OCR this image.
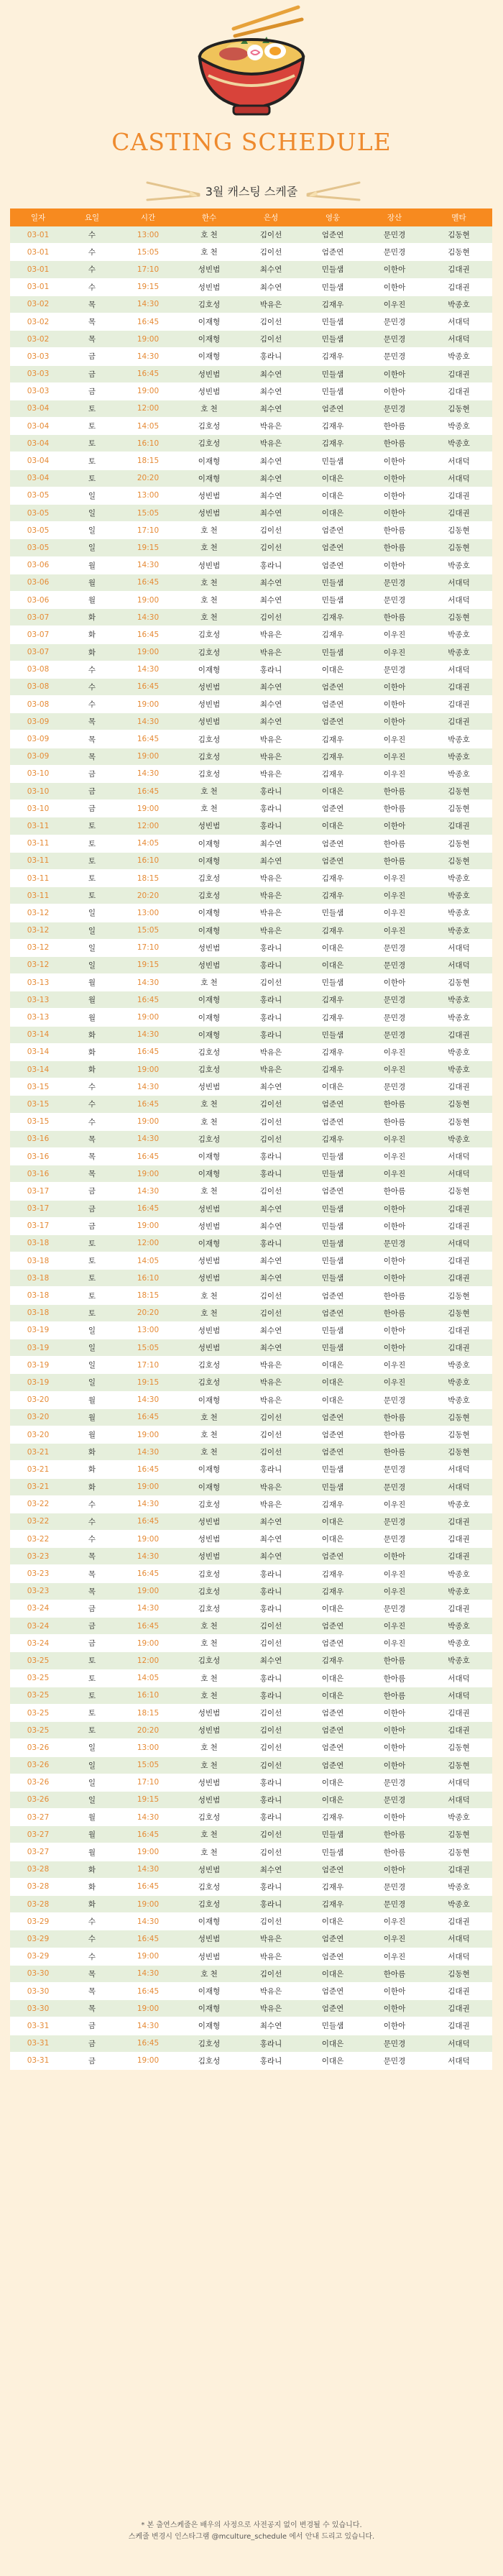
CASTING SCHEDULE
3월 캐스팅 스케줄
일자	요일	시간	한수	은성	영웅	장산	멜타
03-01	수	13:00	호 천	김이선	엄준연	문민경	김동현
03-01	수	15:05	호 천	김이선	엄준연	문민경	김동현
03-01	수	17:10	성빈범	최수연	민들샘	이한아	김대권
03-01	수	19:15	성빈범	최수연	민들샘	이한아	김대권
03-02	목	14:30	김호성	박유은	김재우	이우진	박종호
03-02	목	16:45	이재형	김이선	민들샘	문민경	서대덕
03-02	목	19:00	이재형	김이선	민들샘	문민경	서대덕
03-03	금	14:30	이재형	홍라니	김재우	문민경	박종호
03-03	금	16:45	성빈범	최수연	민들샘	이한아	김대권
03-03	금	19:00	성빈범	최수연	민들샘	이한아	김대권
03-04	토	12:00	호 천	최수연	엄준연	문민경	김동현
03-04	토	14:05	김호성	박유은	김재우	한아름	박종호
03-04	토	16:10	김호성	박유은	김재우	한아름	박종호
03-04	토	18:15	이재형	최수연	민들샘	이한아	서대덕
03-04	토	20:20	이재형	최수연	이대은	이한아	서대덕
03-05	일	13:00	성빈범	최수연	이대은	이한아	김대권
03-05	일	15:05	성빈범	최수연	이대은	이한아	김대권
03-05	일	17:10	호 천	김이선	엄준연	한아름	김동현
03-05	일	19:15	호 천	김이선	엄준연	한아름	김동현
03-06	월	14:30	성빈범	홍라니	엄준연	이한아	박종호
03-06	월	16:45	호 천	최수연	민들샘	문민경	서대덕
03-06	월	19:00	호 천	최수연	민들샘	문민경	서대덕
03-07	화	14:30	호 천	김이선	김재우	한아름	김동현
03-07	화	16:45	김호성	박유은	김재우	이우진	박종호
03-07	화	19:00	김호성	박유은	민들샘	이우진	박종호
03-08	수	14:30	이재형	홍라니	이대은	문민경	서대덕
03-08	수	16:45	성빈범	최수연	엄준연	이한아	김대권
03-08	수	19:00	성빈범	최수연	엄준연	이한아	김대권
03-09	목	14:30	성빈범	최수연	엄준연	이한아	김대권
03-09	목	16:45	김호성	박유은	김재우	이우진	박종호
03-09	목	19:00	김호성	박유은	김재우	이우진	박종호
03-10	금	14:30	김호성	박유은	김재우	이우진	박종호
03-10	금	16:45	호 천	홍라니	이대은	한아름	김동현
03-10	금	19:00	호 천	홍라니	엄준연	한아름	김동현
03-11	토	12:00	성빈범	홍라니	이대은	이한아	김대권
03-11	토	14:05	이재형	최수연	엄준연	한아름	김동현
03-11	토	16:10	이재형	최수연	엄준연	한아름	김동현
03-11	토	18:15	김호성	박유은	김재우	이우진	박종호
03-11	토	20:20	김호성	박유은	김재우	이우진	박종호
03-12	일	13:00	이재형	박유은	민들샘	이우진	박종호
03-12	일	15:05	이재형	박유은	김재우	이우진	박종호
03-12	일	17:10	성빈범	홍라니	이대은	문민경	서대덕
03-12	일	19:15	성빈범	홍라니	이대은	문민경	서대덕
03-13	월	14:30	호 천	김이선	민들샘	이한아	김동현
03-13	월	16:45	이재형	홍라니	김재우	문민경	박종호
03-13	월	19:00	이재형	홍라니	김재우	문민경	박종호
03-14	화	14:30	이재형	홍라니	민들샘	문민경	김대권
03-14	화	16:45	김호성	박유은	김재우	이우진	박종호
03-14	화	19:00	김호성	박유은	김재우	이우진	박종호
03-15	수	14:30	성빈범	최수연	이대은	문민경	김대권
03-15	수	16:45	호 천	김이선	엄준연	한아름	김동현
03-15	수	19:00	호 천	김이선	엄준연	한아름	김동현
03-16	목	14:30	김호성	김이선	김재우	이우진	박종호
03-16	목	16:45	이재형	홍라니	민들샘	이우진	서대덕
03-16	목	19:00	이재형	홍라니	민들샘	이우진	서대덕
03-17	금	14:30	호 천	김이선	엄준연	한아름	김동현
03-17	금	16:45	성빈범	최수연	민들샘	이한아	김대권
03-17	금	19:00	성빈범	최수연	민들샘	이한아	김대권
03-18	토	12:00	이재형	홍라니	민들샘	문민경	서대덕
03-18	토	14:05	성빈범	최수연	민들샘	이한아	김대권
03-18	토	16:10	성빈범	최수연	민들샘	이한아	김대권
03-18	토	18:15	호 천	김이선	엄준연	한아름	김동현
03-18	토	20:20	호 천	김이선	엄준연	한아름	김동현
03-19	일	13:00	성빈범	최수연	민들샘	이한아	김대권
03-19	일	15:05	성빈범	최수연	민들샘	이한아	김대권
03-19	일	17:10	김호성	박유은	이대은	이우진	박종호
03-19	일	19:15	김호성	박유은	이대은	이우진	박종호
03-20	월	14:30	이재형	박유은	이대은	문민경	박종호
03-20	월	16:45	호 천	김이선	엄준연	한아름	김동현
03-20	월	19:00	호 천	김이선	엄준연	한아름	김동현
03-21	화	14:30	호 천	김이선	엄준연	한아름	김동현
03-21	화	16:45	이재형	홍라니	민들샘	문민경	서대덕
03-21	화	19:00	이재형	박유은	민들샘	문민경	서대덕
03-22	수	14:30	김호성	박유은	김재우	이우진	박종호
03-22	수	16:45	성빈범	최수연	이대은	문민경	김대권
03-22	수	19:00	성빈범	최수연	이대은	문민경	김대권
03-23	목	14:30	성빈범	최수연	엄준연	이한아	김대권
03-23	목	16:45	김호성	홍라니	김재우	이우진	박종호
03-23	목	19:00	김호성	홍라니	김재우	이우진	박종호
03-24	금	14:30	김호성	홍라니	이대은	문민경	김대권
03-24	금	16:45	호 천	김이선	엄준연	이우진	박종호
03-24	금	19:00	호 천	김이선	엄준연	이우진	박종호
03-25	토	12:00	김호성	최수연	김재우	한아름	박종호
03-25	토	14:05	호 천	홍라니	이대은	한아름	서대덕
03-25	토	16:10	호 천	홍라니	이대은	한아름	서대덕
03-25	토	18:15	성빈범	김이선	엄준연	이한아	김대권
03-25	토	20:20	성빈범	김이선	엄준연	이한아	김대권
03-26	일	13:00	호 천	김이선	엄준연	이한아	김동현
03-26	일	15:05	호 천	김이선	엄준연	이한아	김동현
03-26	일	17:10	성빈범	홍라니	이대은	문민경	서대덕
03-26	일	19:15	성빈범	홍라니	이대은	문민경	서대덕
03-27	월	14:30	김호성	홍라니	김재우	이한아	박종호
03-27	월	16:45	호 천	김이선	민들샘	한아름	김동현
03-27	월	19:00	호 천	김이선	민들샘	한아름	김동현
03-28	화	14:30	성빈범	최수연	엄준연	이한아	김대권
03-28	화	16:45	김호성	홍라니	김재우	문민경	박종호
03-28	화	19:00	김호성	홍라니	김재우	문민경	박종호
03-29	수	14:30	이재형	김이선	이대은	이우진	김대권
03-29	수	16:45	성빈범	박유은	엄준연	이우진	서대덕
03-29	수	19:00	성빈범	박유은	엄준연	이우진	서대덕
03-30	목	14:30	호 천	김이선	이대은	한아름	김동현
03-30	목	16:45	이재형	박유은	엄준연	이한아	김대권
03-30	목	19:00	이재형	박유은	엄준연	이한아	김대권
03-31	금	14:30	이재형	최수연	민들샘	이한아	김대권
03-31	금	16:45	김호성	홍라니	이대은	문민경	서대덕
03-31	금	19:00	김호성	홍라니	이대은	문민경	서대덕
* 본 출연스케줄은 배우의 사정으로 사전공지 없이 변경될 수 있습니다.
스케줄 변경시 인스타그램 @mculture_schedule 에서 안내 드리고 있습니다.
